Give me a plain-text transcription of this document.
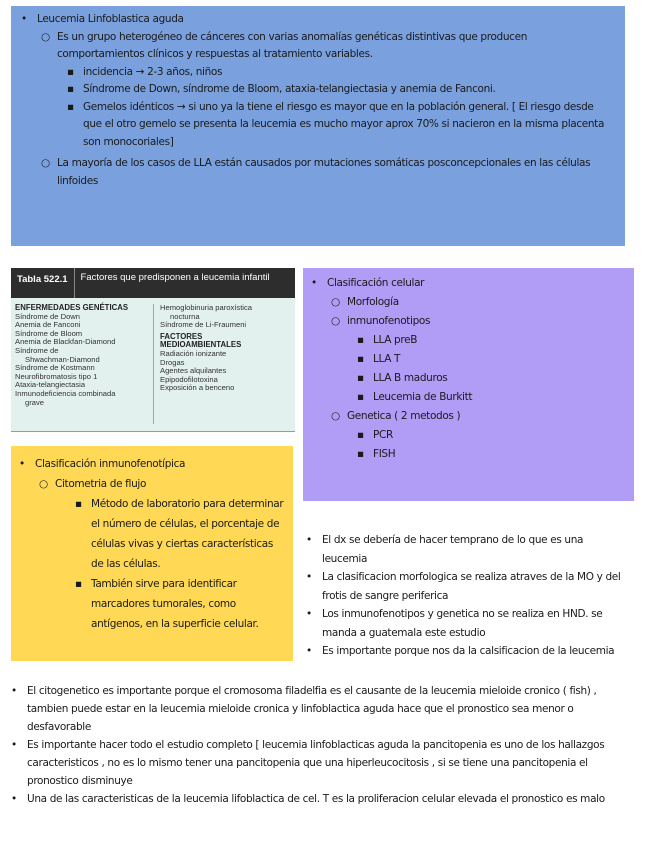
• Leucemia Linfoblastica aguda
○ Es un grupo heterogéneo de cánceres con varias anomalías genéticas distintivas que producen comportamientos clínicos y respuestas al tratamiento variables.
▪ incidencia → 2-3 años, niños
▪ Síndrome de Down, síndrome de Bloom, ataxia-telangiectasia y anemia de Fanconi.
▪ Gemelos idénticos → si uno ya la tiene el riesgo es mayor que en la población general. [ El riesgo desde que el otro gemelo se presenta la leucemia es mucho mayor aprox 70% si nacieron en la misma placenta son monocoriales]
○ La mayoría de los casos de LLA están causados por mutaciones somáticas posconcepcionales en las células linfoides
Tabla 522.1	Factores que predisponen a leucemia infantil
ENFERMEDADES GENÉTICAS
Síndrome de Down
Anemia de Fanconi
Síndrome de Bloom
Anemia de Blackfan-Diamond
Síndrome de
Shwachman-Diamond
Síndrome de Kostmann
Neurofibromatosis tipo 1
Ataxia-telangiectasia
Inmunodeficiencia combinada
grave
Hemoglobinuria paroxística
nocturna
Síndrome de Li-Fraumeni
FACTORES MEDIOAMBIENTALES
Radiación ionizante
Drogas
Agentes alquilantes
Epipodofilotoxina
Exposición a benceno
• Clasificación celular
○ Morfología
○ inmunofenotipos
▪ LLA preB
▪ LLA T
▪ LLA B maduros
▪ Leucemia de Burkitt
○ Genetica ( 2 metodos )
▪ PCR
▪ FISH
• Clasificación inmunofenotípica
○ Citometria de flujo
▪ Método de laboratorio para determinar el número de células, el porcentaje de células vivas y ciertas características de las células.
▪ También sirve para identificar marcadores tumorales, como antígenos, en la superficie celular.
• El dx se debería de hacer temprano de lo que es una leucemia
• La clasificacion morfologica se realiza atraves de la MO y del frotis de sangre periferica
• Los inmunofenotipos y genetica no se realiza en HND. se manda a guatemala este estudio
• Es importante porque nos da la calsificacion de la leucemia
• El citogenetico es importante porque el cromosoma filadelfia es el causante de la leucemia mieloide cronico ( fish) , tambien puede estar en la leucemia mieloide cronica y linfoblactica aguda hace que el pronostico sea menor o desfavorable
• Es importante hacer todo el estudio completo [ leucemia linfoblacticas aguda la pancitopenia es uno de los hallazgos caracteristicos , no es lo mismo tener una pancitopenia que una hiperleucocitosis , si se tiene una pancitopenia el pronostico disminuye
• Una de las caracteristicas de la leucemia lifoblactica de cel. T es la proliferacion celular elevada el pronostico es malo
